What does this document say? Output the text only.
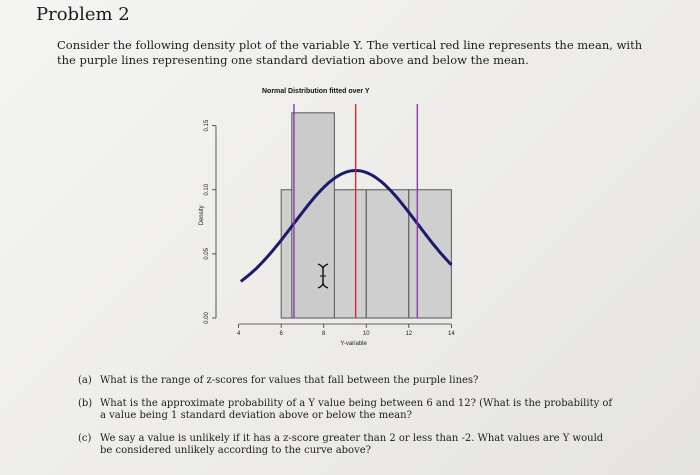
Problem 2

Consider the following density plot of the variable Y. The vertical red line represents the mean, with the purple lines representing one standard deviation above and below the mean.

Normal Distribution fitted over Y
0.00
0.05
0.10
0.15
Density
4	6	8	10	12	14
Y-variable
(a) What is the range of z-scores for values that fall between the purple lines?
(b) What is the approximate probability of a Y value being between 6 and 12? (What is the probability of a value being 1 standard deviation above or below the mean?
(c) We say a value is unlikely if it has a z-score greater than 2 or less than -2. What values are Y would be considered unlikely according to the curve above?
